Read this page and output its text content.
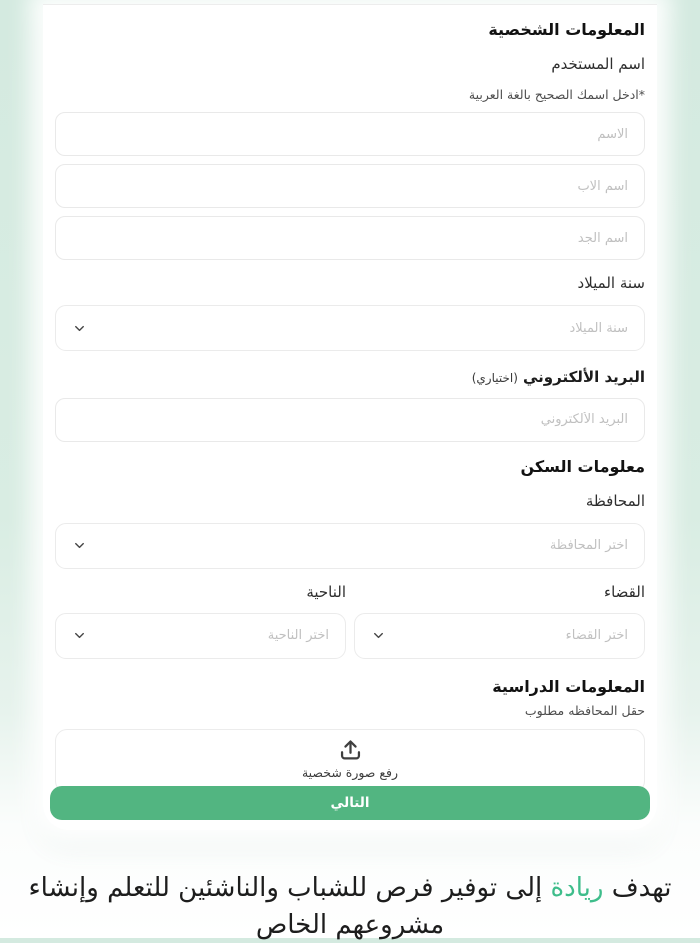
المعلومات الشخصية
اسم المستخدم
*ادخل اسمك الصحيح بالغة العربية
الاسم
اسم الاب
اسم الجد
سنة الميلاد
سنة الميلاد
البريد الألكتروني (اختياري)
البريد الألكتروني
معلومات السكن
المحافظة
اختر المحافظة
القضاء
اختر القضاء
الناحية
اختر الناحية
المعلومات الدراسية
حقل المحافظه مطلوب
رفع صورة شخصية
التالي
تهدف ريادة إلى توفير فرص للشباب والناشئين للتعلم وإنشاء مشروعهم الخاص
